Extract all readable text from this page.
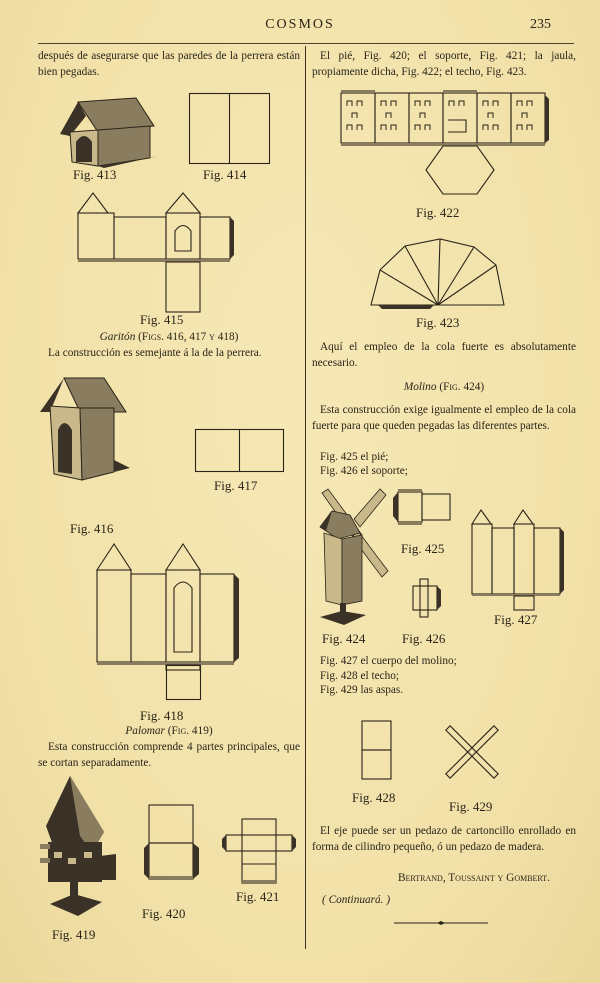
COSMOS	235
después de asegurarse que las paredes de la perrera están bien pegadas.
Fig. 413	Fig. 414
Fig. 415
Garitón (Figs. 416, 417 y 418)
La construcción es semejante á la de la perrera.
Fig. 416
Fig. 417
Fig. 418
Palomar (Fig. 419)
Esta construcción comprende 4 partes principales, que se cortan separadamente.
Fig. 419
Fig. 420
Fig. 421
El pié, Fig. 420; el soporte, Fig. 421; la jaula, propiamente dicha, Fig. 422; el techo, Fig. 423.
Fig. 422
Fig. 423
Aquí el empleo de la cola fuerte es absolutamente necesario.
Molino (Fig. 424)
Esta construcción exige igualmente el empleo de la cola fuerte para que queden pegadas las diferentes partes.
Fig. 425 el pié;
Fig. 426 el soporte;
Fig. 424
Fig. 425
Fig. 426
Fig. 427
Fig. 427 el cuerpo del molino;
Fig. 428 el techo;
Fig. 429 las aspas.
Fig. 428
Fig. 429
El eje puede ser un pedazo de cartoncillo enrollado en forma de cilindro pequeño, ó un pedazo de madera.
Bertrand, Toussaint y Gombert.
( Continuará. )
